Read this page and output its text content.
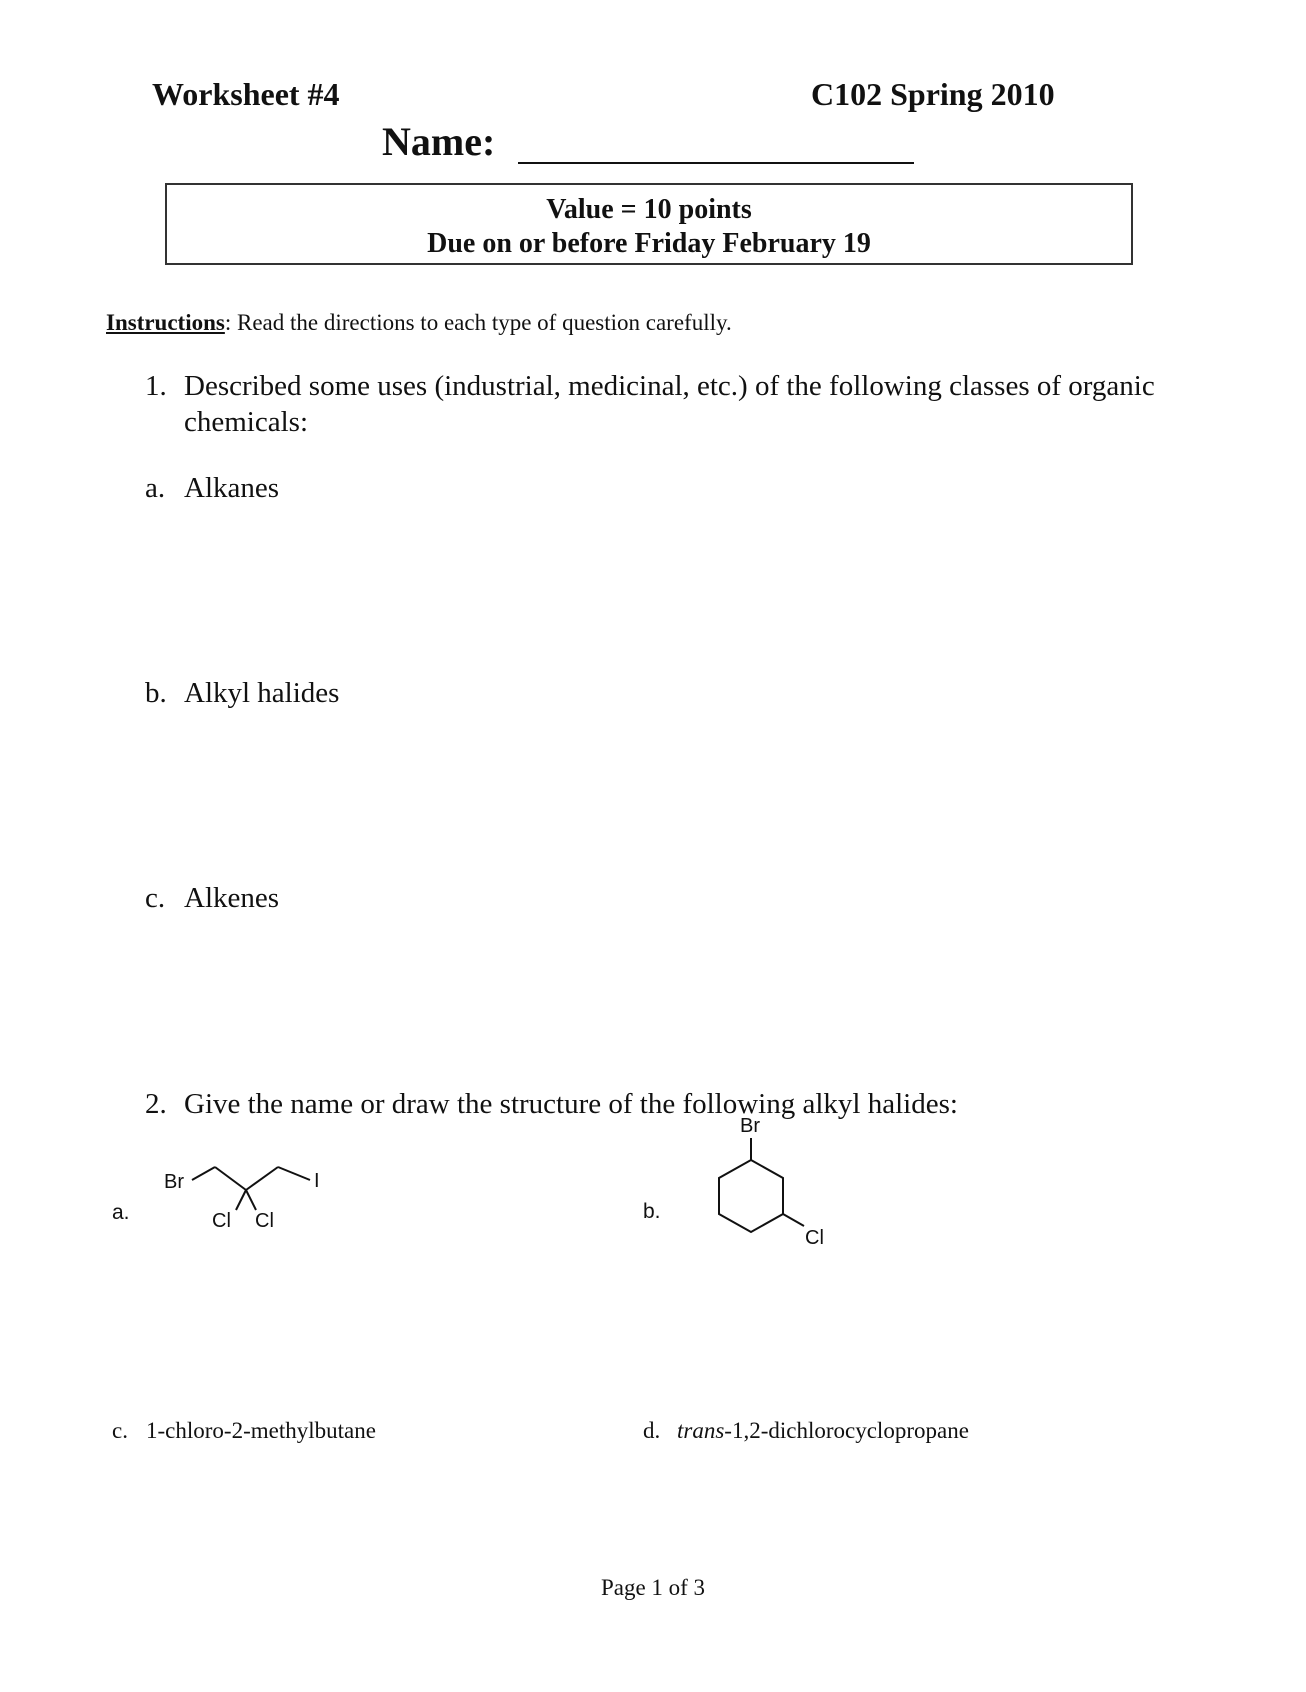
Worksheet #4	C102 Spring 2010
Name:
Value = 10 points
Due on or before Friday February 19
Instructions: Read the directions to each type of question carefully.
1. Described some uses (industrial, medicinal, etc.) of the following classes of organic chemicals:
a. Alkanes
b. Alkyl halides
c. Alkenes
2. Give the name or draw the structure of the following alkyl halides:
a.	b.
Br
Cl Cl
I
Br
Cl
c. 1-chloro-2-methylbutane	d. trans-1,2-dichlorocyclopropane
Page 1 of 3
